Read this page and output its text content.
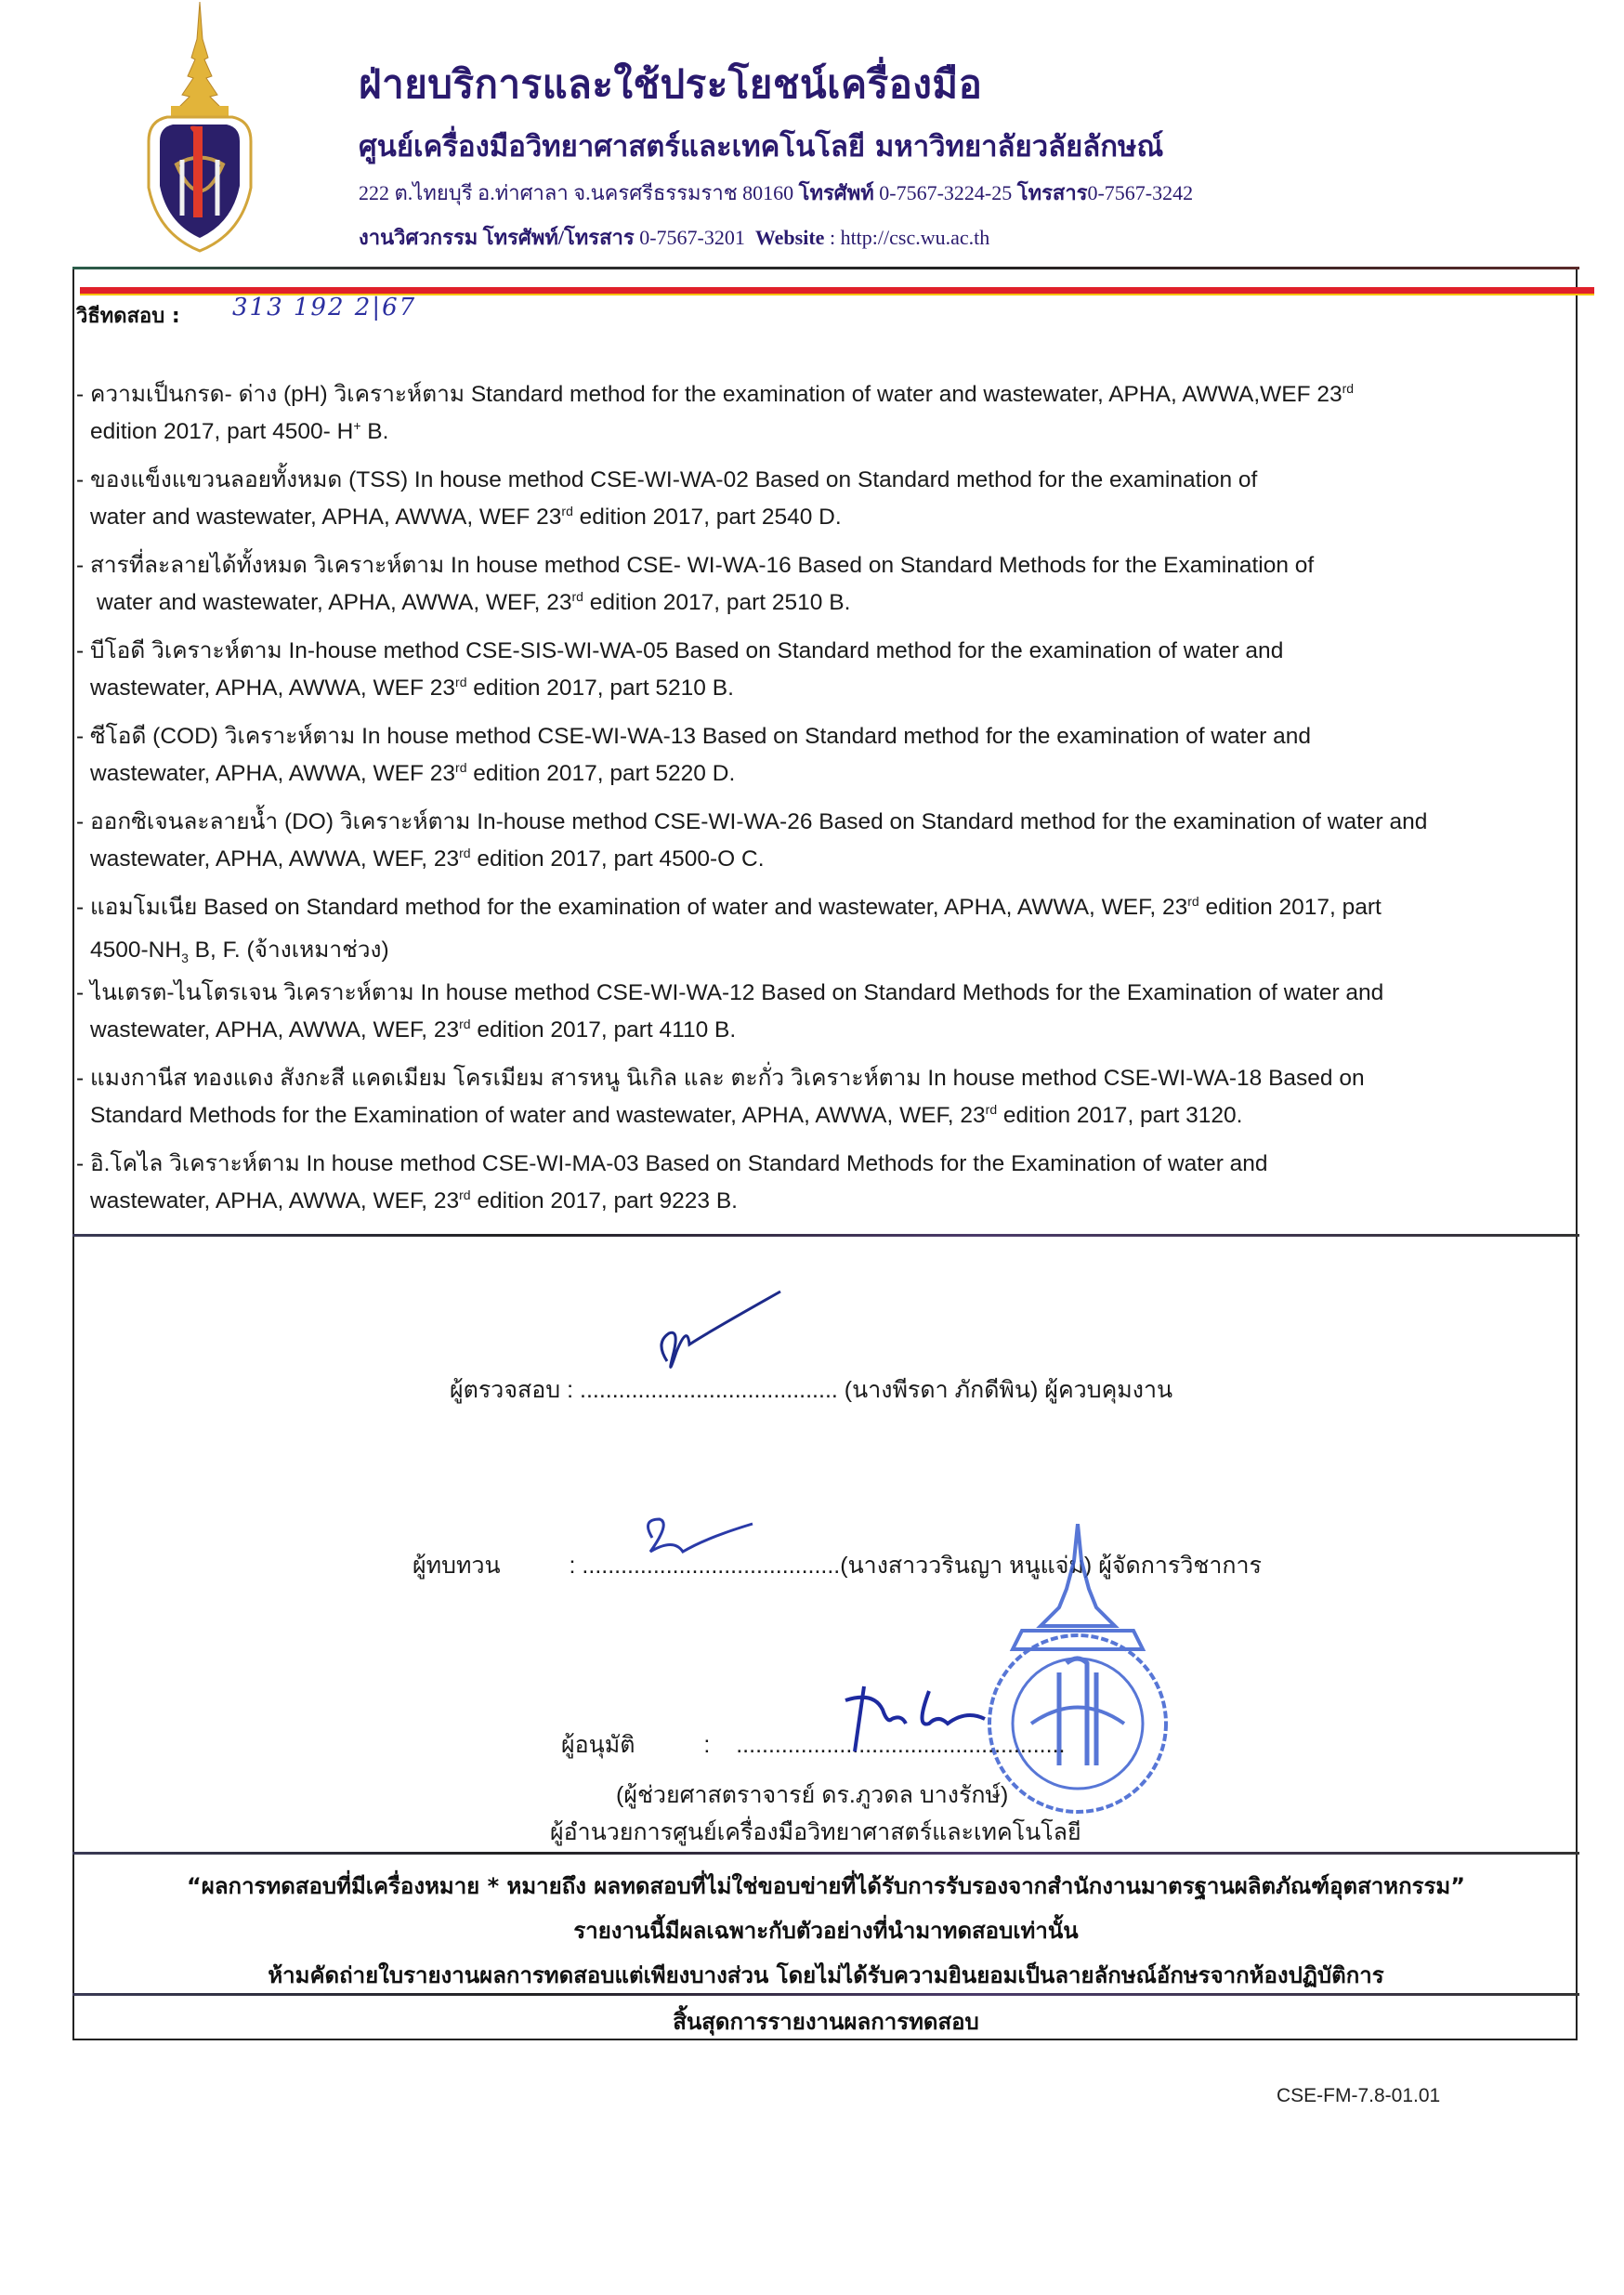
ฝ่ายบริการและใช้ประโยชน์เครื่องมือ
ศูนย์เครื่องมือวิทยาศาสตร์และเทคโนโลยี มหาวิทยาลัยวลัยลักษณ์
222 ต.ไทยบุรี อ.ท่าศาลา จ.นครศรีธรรมราช 80160 โทรศัพท์ 0-7567-3224-25 โทรสาร0-7567-3242
งานวิศวกรรม โทรศัพท์/โทรสาร 0-7567-3201 Website : http://csc.wu.ac.th
วิธีทดสอบ : 313 192 2|67
- ความเป็นกรด- ด่าง (pH) วิเคราะห์ตาม Standard method for the examination of water and wastewater, APHA, AWWA,WEF 23rd
edition 2017, part 4500- H+ B.
- ของแข็งแขวนลอยทั้งหมด (TSS) In house method CSE-WI-WA-02 Based on Standard method for the examination of
water and wastewater, APHA, AWWA, WEF 23rd edition 2017, part 2540 D.
- สารที่ละลายได้ทั้งหมด วิเคราะห์ตาม In house method CSE- WI-WA-16 Based on Standard Methods for the Examination of
water and wastewater, APHA, AWWA, WEF, 23rd edition 2017, part 2510 B.
- บีโอดี วิเคราะห์ตาม In-house method CSE-SIS-WI-WA-05 Based on Standard method for the examination of water and
wastewater, APHA, AWWA, WEF 23rd edition 2017, part 5210 B.
- ซีโอดี (COD) วิเคราะห์ตาม In house method CSE-WI-WA-13 Based on Standard method for the examination of water and
wastewater, APHA, AWWA, WEF 23rd edition 2017, part 5220 D.
- ออกซิเจนละลายน้ำ (DO) วิเคราะห์ตาม In-house method CSE-WI-WA-26 Based on Standard method for the examination of water and
wastewater, APHA, AWWA, WEF, 23rd edition 2017, part 4500-O C.
- แอมโมเนีย Based on Standard method for the examination of water and wastewater, APHA, AWWA, WEF, 23rd edition 2017, part
$4500-NH_3$ B, F. (จ้างเหมาช่วง)
- ไนเตรต-ไนโตรเจน วิเคราะห์ตาม In house method CSE-WI-WA-12 Based on Standard Methods for the Examination of water and
wastewater, APHA, AWWA, WEF, 23rd edition 2017, part 4110 B.
- แมงกานีส ทองแดง สังกะสี แคดเมียม โครเมียม สารหนู นิเกิล และ ตะกั่ว วิเคราะห์ตาม In house method CSE-WI-WA-18 Based on
Standard Methods for the Examination of water and wastewater, APHA, AWWA, WEF, 23rd edition 2017, part 3120.
- อิ.โคไล วิเคราะห์ตาม In house method CSE-WI-MA-03 Based on Standard Methods for the Examination of water and
wastewater, APHA, AWWA, WEF, 23rd edition 2017, part 9223 B.
ผู้ตรวจสอบ : ........................................ (นางพีรดา ภักดีพิน) ผู้ควบคุมงาน
ผู้ทบทวน	: ........................................(นางสาววรินญา หนูแจ่ม) ผู้จัดการวิชาการ
ผู้อนุมัติ	: ...................................................
(ผู้ช่วยศาสตราจารย์ ดร.ภูวดล บางรักษ์)
ผู้อำนวยการศูนย์เครื่องมือวิทยาศาสตร์และเทคโนโลยี
“ผลการทดสอบที่มีเครื่องหมาย * หมายถึง ผลทดสอบที่ไม่ใช่ขอบข่ายที่ได้รับการรับรองจากสำนักงานมาตรฐานผลิตภัณฑ์อุตสาหกรรม”
รายงานนี้มีผลเฉพาะกับตัวอย่างที่นำมาทดสอบเท่านั้น
ห้ามคัดถ่ายใบรายงานผลการทดสอบแต่เพียงบางส่วน โดยไม่ได้รับความยินยอมเป็นลายลักษณ์อักษรจากห้องปฏิบัติการ
สิ้นสุดการรายงานผลการทดสอบ
CSE-FM-7.8-01.01
